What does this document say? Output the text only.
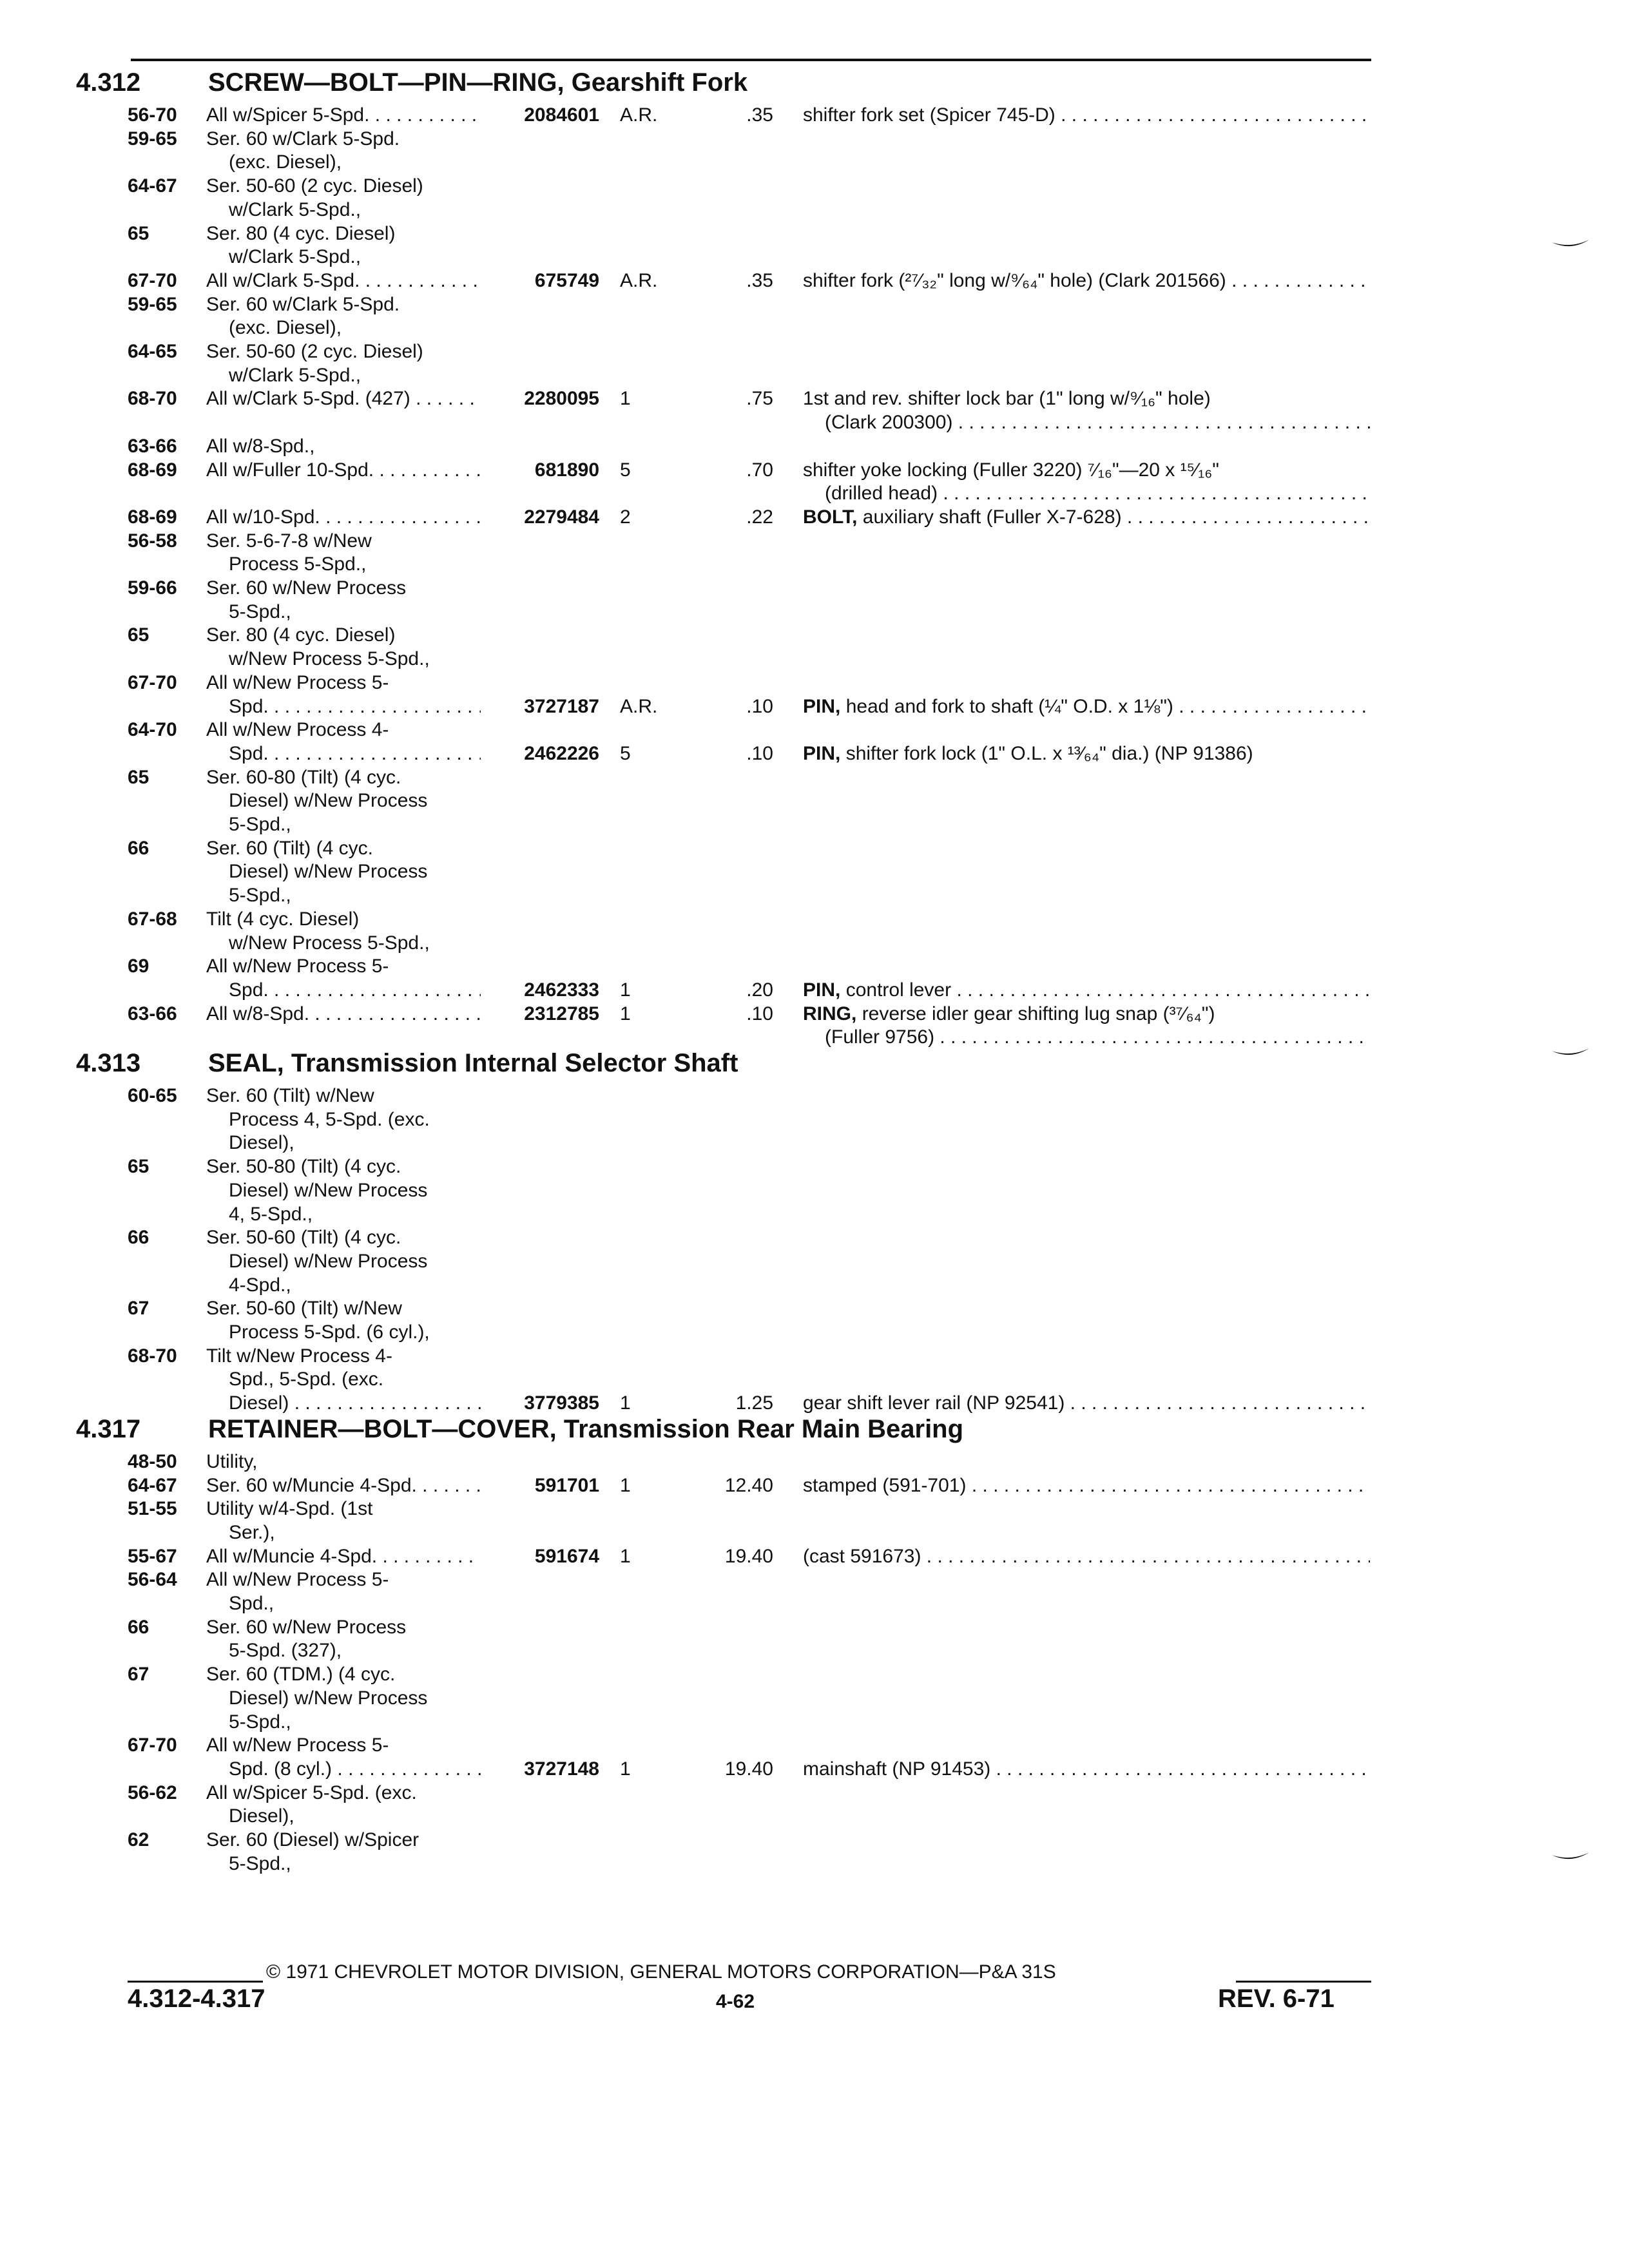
4.312	SCREW—BOLT—PIN—RING, Gearshift Fork
56-70 All w/Spicer 5-Spd. . . .	2084601 A.R.	.35 shifter fork set (Spicer 745-D) . . .
59-65 Ser. 60 w/Clark 5-Spd.
(exc. Diesel),
64-67 Ser. 50-60 (2 cyc. Diesel)
w/Clark 5-Spd.,
65	Ser. 80 (4 cyc. Diesel)
w/Clark 5-Spd.,
67-70 All w/Clark 5-Spd. . . .	675749 A.R.	.35 shifter fork (²⁷⁄₃₂" long w/⁹⁄₆₄" hole) (Clark 201566) . . .
59-65 Ser. 60 w/Clark 5-Spd.
(exc. Diesel),
64-65 Ser. 50-60 (2 cyc. Diesel)
w/Clark 5-Spd.,
68-70 All w/Clark 5-Spd. (427) . . .	2280095 1	.75 1st and rev. shifter lock bar (1" long w/⁹⁄₁₆" hole)
(Clark 200300) . . .
63-66 All w/8-Spd.,
68-69 All w/Fuller 10-Spd. . . .	681890 5	.70 shifter yoke locking (Fuller 3220) ⁷⁄₁₆"—20 x ¹⁵⁄₁₆"
(drilled head) . . .
68-69 All w/10-Spd. . . .	2279484 2	.22 BOLT, auxiliary shaft (Fuller X-7-628) . . .
56-58 Ser. 5-6-7-8 w/New
Process 5-Spd.,
59-66 Ser. 60 w/New Process
5-Spd.,
65	Ser. 80 (4 cyc. Diesel)
w/New Process 5-Spd.,
67-70 All w/New Process 5-
Spd. . . .	3727187 A.R.	.10 PIN, head and fork to shaft (¼" O.D. x 1⅛") . . .
64-70 All w/New Process 4-
Spd. . . .	2462226 5	.10 PIN, shifter fork lock (1" O.L. x ¹³⁄₆₄" dia.) (NP 91386)
65	Ser. 60-80 (Tilt) (4 cyc.
Diesel) w/New Process
5-Spd.,
66	Ser. 60 (Tilt) (4 cyc.
Diesel) w/New Process
5-Spd.,
67-68 Tilt (4 cyc. Diesel)
w/New Process 5-Spd.,
69	All w/New Process 5-
Spd. . . .	2462333 1	.20 PIN, control lever . . .
63-66 All w/8-Spd. . . .	2312785 1	.10 RING, reverse idler gear shifting lug snap (³⁷⁄₆₄")
(Fuller 9756) . . .
4.313	SEAL, Transmission Internal Selector Shaft
60-65 Ser. 60 (Tilt) w/New
Process 4, 5-Spd. (exc.
Diesel),
65	Ser. 50-80 (Tilt) (4 cyc.
Diesel) w/New Process
4, 5-Spd.,
66	Ser. 50-60 (Tilt) (4 cyc.
Diesel) w/New Process
4-Spd.,
67	Ser. 50-60 (Tilt) w/New
Process 5-Spd. (6 cyl.),
68-70 Tilt w/New Process 4-
Spd., 5-Spd. (exc.
Diesel) . . .	3779385 1	1.25 gear shift lever rail (NP 92541) . . .
4.317	RETAINER—BOLT—COVER, Transmission Rear Main Bearing
48-50 Utility,
64-67 Ser. 60 w/Muncie 4-Spd. . . .	591701 1	12.40 stamped (591-701) . . .
51-55 Utility w/4-Spd. (1st
Ser.),
55-67 All w/Muncie 4-Spd. . . .	591674 1	19.40 (cast 591673) . . .
56-64 All w/New Process 5-
Spd.,
66	Ser. 60 w/New Process
5-Spd. (327),
67	Ser. 60 (TDM.) (4 cyc.
Diesel) w/New Process
5-Spd.,
67-70 All w/New Process 5-
Spd. (8 cyl.) . . .	3727148 1	19.40 mainshaft (NP 91453) . . .
56-62 All w/Spicer 5-Spd. (exc.
Diesel),
62	Ser. 60 (Diesel) w/Spicer
5-Spd.,
© 1971 CHEVROLET MOTOR DIVISION, GENERAL MOTORS CORPORATION—P&A 31S
4.312-4.317	4-62	REV. 6-71
